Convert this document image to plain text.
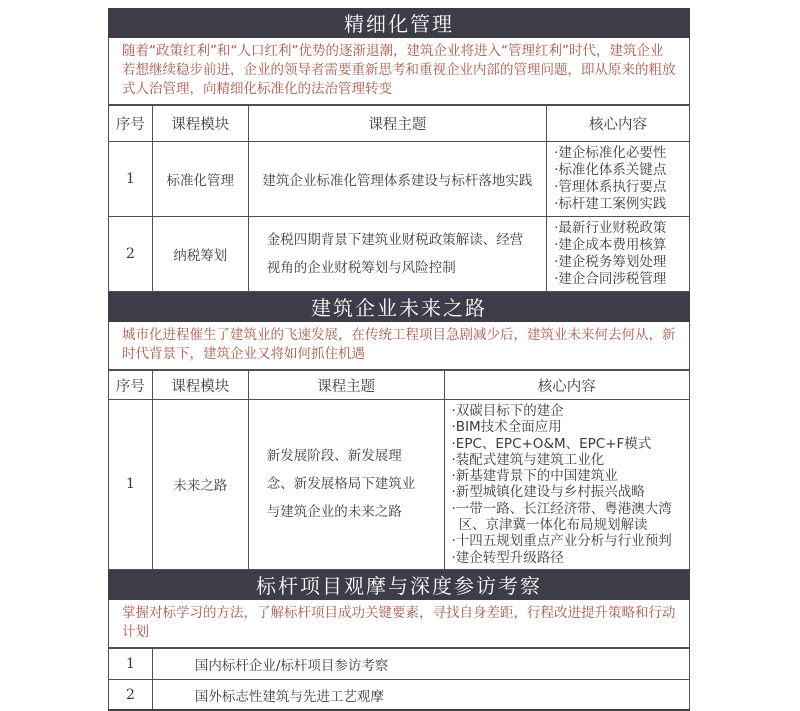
精细化管理
随着“政策红利”和“人口红利”优势的逐渐退潮，建筑企业将进入“管理红利”时代，建筑企业若想继续稳步前进，企业的领导者需要重新思考和重视企业内部的管理问题，即从原来的粗放式人治管理，向精细化标准化的法治管理转变
序号	课程模块	课程主题	核心内容
1	标准化管理	建筑企业标准化管理体系建设与标杆落地实践	·建企标准化必要性
·标准化体系关键点
·管理体系执行要点
·标杆建工案例实践

2	纳税筹划	金税四期背景下建筑业财税政策解读、经营视角的企业财税筹划与风险控制	·最新行业财税政策
·建企成本费用核算
·建企税务筹划处理
·建企合同涉税管理
建筑企业未来之路
城市化进程催生了建筑业的飞速发展，在传统工程项目急剧减少后，建筑业未来何去何从，新时代背景下，建筑企业又将如何抓住机遇
序号	课程模块	课程主题	核心内容
1	未来之路	新发展阶段、新发展理念、新发展格局下建筑业与建筑企业的未来之路	
·双碳目标下的建企
·BIM技术全面应用
·EPC、EPC+O&M、EPC+F模式
·装配式建筑与建筑工业化
·新基建背景下的中国建筑业
·新型城镇化建设与乡村振兴战略
·一带一路、长江经济带、粤港澳大湾区、京津冀一体化布局规划解读
·十四五规划重点产业分析与行业预判
·建企转型升级路径
标杆项目观摩与深度参访考察
掌握对标学习的方法，了解标杆项目成功关键要素，寻找自身差距，行程改进提升策略和行动计划
1	国内标杆企业/标杆项目参访考察
2	国外标志性建筑与先进工艺观摩
